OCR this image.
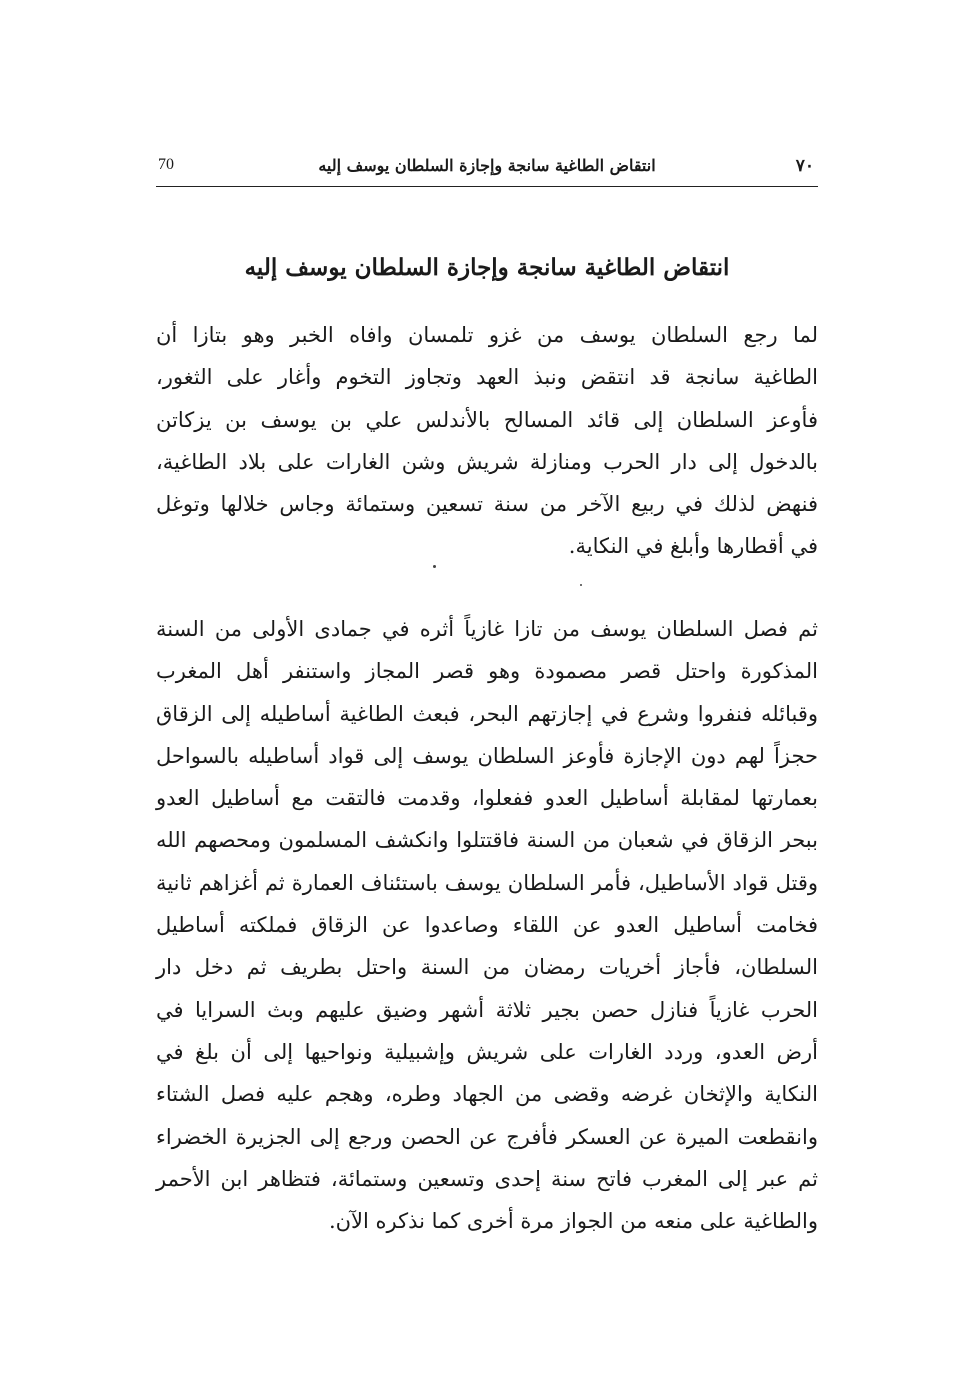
70	انتقاض الطاغية سانجة وإجازة السلطان يوسف إليه	٧٠
انتقاض الطاغية سانجة وإجازة السلطان يوسف إليه
لما رجع السلطان يوسف من غزو تلمسان وافاه الخبر وهو بتازا أن
الطاغية سانجة قد انتقض ونبذ العهد وتجاوز التخوم وأغار على الثغور،
فأوعز السلطان إلى قائد المسالح بالأندلس علي بن يوسف بن يزكاتن
بالدخول إلى دار الحرب ومنازلة شريش وشن الغارات على بلاد الطاغية،
فنهض لذلك في ربيع الآخر من سنة تسعين وستمائة وجاس خلالها وتوغل
في أقطارها وأبلغ في النكاية.
ثم فصل السلطان يوسف من تازا غازياً أثره في جمادى الأولى من السنة
المذكورة واحتل قصر مصمودة وهو قصر المجاز واستنفر أهل المغرب
وقبائله فنفروا وشرع في إجازتهم البحر، فبعث الطاغية أساطيله إلى الزقاق
حجزاً لهم دون الإجازة فأوعز السلطان يوسف إلى قواد أساطيله بالسواحل
بعمارتها لمقابلة أساطيل العدو ففعلوا، وقدمت فالتقت مع أساطيل العدو
ببحر الزقاق في شعبان من السنة فاقتتلوا وانكشف المسلمون ومحصهم الله
وقتل قواد الأساطيل، فأمر السلطان يوسف باستئناف العمارة ثم أغزاهم ثانية
فخامت أساطيل العدو عن اللقاء وصاعدوا عن الزقاق فملكته أساطيل
السلطان، فأجاز أخريات رمضان من السنة واحتل بطريف ثم دخل دار
الحرب غازياً فنازل حصن بجير ثلاثة أشهر وضيق عليهم وبث السرايا في
أرض العدو، وردد الغارات على شريش وإشبيلية ونواحيها إلى أن بلغ في
النكاية والإثخان غرضه وقضى من الجهاد وطره، وهجم عليه فصل الشتاء
وانقطعت الميرة عن العسكر فأفرج عن الحصن ورجع إلى الجزيرة الخضراء
ثم عبر إلى المغرب فاتح سنة إحدى وتسعين وستمائة، فتظاهر ابن الأحمر
والطاغية على منعه من الجواز مرة أخرى كما نذكره الآن.
